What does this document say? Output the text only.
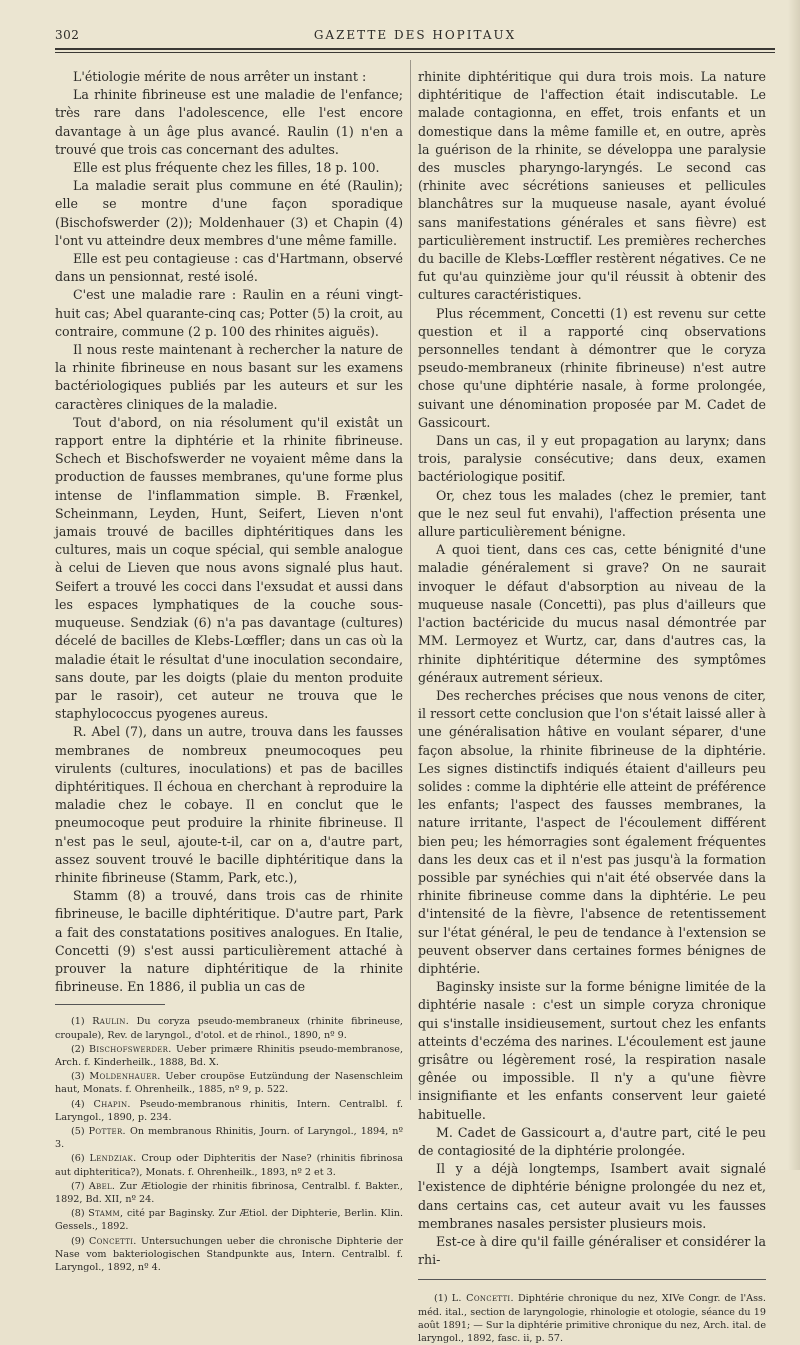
302	GAZETTE DES HOPITAUX

L'étiologie mérite de nous arrêter un instant :

La rhinite fibrineuse est une maladie de l'enfance; très rare dans l'adolescence, elle l'est encore davantage à un âge plus avancé. Raulin (1) n'en a trouvé que trois cas concernant des adultes.

Elle est plus fréquente chez les filles, 18 p. 100.

La maladie serait plus commune en été (Raulin); elle se montre d'une façon sporadique (Bischofswerder (2)); Moldenhauer (3) et Chapin (4) l'ont vu atteindre deux membres d'une même famille.

Elle est peu contagieuse : cas d'Hartmann, observé dans un pensionnat, resté isolé.

C'est une maladie rare : Raulin en a réuni vingt-huit cas; Abel quarante-cinq cas; Potter (5) la croit, au contraire, commune (2 p. 100 des rhinites aiguës).

Il nous reste maintenant à rechercher la nature de la rhinite fibrineuse en nous basant sur les examens bactériologiques publiés par les auteurs et sur les caractères cliniques de la maladie.

Tout d'abord, on nia résolument qu'il existât un rapport entre la diphtérie et la rhinite fibrineuse. Schech et Bischofswerder ne voyaient même dans la production de fausses membranes, qu'une forme plus intense de l'inflammation simple. B. Frænkel, Scheinmann, Leyden, Hunt, Seifert, Lieven n'ont jamais trouvé de bacilles diphtéritiques dans les cultures, mais un coque spécial, qui semble analogue à celui de Lieven que nous avons signalé plus haut. Seifert a trouvé les cocci dans l'exsudat et aussi dans les espaces lymphatiques de la couche sous-muqueuse. Sendziak (6) n'a pas davantage (cultures) décelé de bacilles de Klebs-Lœffler; dans un cas où la maladie était le résultat d'une inoculation secondaire, sans doute, par les doigts (plaie du menton produite par le rasoir), cet auteur ne trouva que le staphylococcus pyogenes aureus.

R. Abel (7), dans un autre, trouva dans les fausses membranes de nombreux pneumocoques peu virulents (cultures, inoculations) et pas de bacilles diphtéritiques. Il échoua en cherchant à reproduire la maladie chez le cobaye. Il en conclut que le pneumocoque peut produire la rhinite fibrineuse. Il n'est pas le seul, ajoute-t-il, car on a, d'autre part, assez souvent trouvé le bacille diphtéritique dans la rhinite fibrineuse (Stamm, Park, etc.),

Stamm (8) a trouvé, dans trois cas de rhinite fibrineuse, le bacille diphtéritique. D'autre part, Park a fait des constatations positives analogues. En Italie, Concetti (9) s'est aussi particulièrement attaché à prouver la nature diphtéritique de la rhinite fibrineuse. En 1886, il publia un cas de

(1) Raulin. Du coryza pseudo-membraneux (rhinite fibrineuse, croupale), Rev. de laryngol., d'otol. et de rhinol., 1890, nº 9.

(2) Bischofswerder. Ueber primære Rhinitis pseudo-membranose, Arch. f. Kinderheilk., 1888, Bd. X.

(3) Moldenhauer. Ueber croupöse Eutzündung der Nasenschleim haut, Monats. f. Ohrenheilk., 1885, nº 9, p. 522.

(4) Chapin. Pseudo-membranous rhinitis, Intern. Centralbl. f. Laryngol., 1890, p. 234.

(5) Potter. On membranous Rhinitis, Journ. of Laryngol., 1894, nº 3.

(6) Lendziak. Croup oder Diphteritis der Nase? (rhinitis fibrinosa aut diphteritica?), Monats. f. Ohrenheilk., 1893, nº 2 et 3.

(7) Abel. Zur Ætiologie der rhinitis fibrinosa, Centralbl. f. Bakter., 1892, Bd. XII, nº 24.

(8) Stamm, cité par Baginsky. Zur Ætiol. der Diphterie, Berlin. Klin. Gessels., 1892.

(9) Concetti. Untersuchungen ueber die chronische Diphterie der Nase vom bakteriologischen Standpunkte aus, Intern. Centralbl. f. Laryngol., 1892, nº 4.

rhinite diphtéritique qui dura trois mois. La nature diphtéritique de l'affection était indiscutable. Le malade contagionna, en effet, trois enfants et un domestique dans la même famille et, en outre, après la guérison de la rhinite, se développa une paralysie des muscles pharyngo-laryngés. Le second cas (rhinite avec sécrétions sanieuses et pellicules blanchâtres sur la muqueuse nasale, ayant évolué sans manifestations générales et sans fièvre) est particulièrement instructif. Les premières recherches du bacille de Klebs-Lœffler restèrent négatives. Ce ne fut qu'au quinzième jour qu'il réussit à obtenir des cultures caractéristiques.

Plus récemment, Concetti (1) est revenu sur cette question et il a rapporté cinq observations personnelles tendant à démontrer que le coryza pseudo-membraneux (rhinite fibrineuse) n'est autre chose qu'une diphtérie nasale, à forme prolongée, suivant une dénomination proposée par M. Cadet de Gassicourt.

Dans un cas, il y eut propagation au larynx; dans trois, paralysie consécutive; dans deux, examen bactériologique positif.

Or, chez tous les malades (chez le premier, tant que le nez seul fut envahi), l'affection présenta une allure particulièrement bénigne.

A quoi tient, dans ces cas, cette bénignité d'une maladie généralement si grave? On ne saurait invoquer le défaut d'absorption au niveau de la muqueuse nasale (Concetti), pas plus d'ailleurs que l'action bactéricide du mucus nasal démontrée par MM. Lermoyez et Wurtz, car, dans d'autres cas, la rhinite diphtéritique détermine des symptômes généraux autrement sérieux.

Des recherches précises que nous venons de citer, il ressort cette conclusion que l'on s'était laissé aller à une généralisation hâtive en voulant séparer, d'une façon absolue, la rhinite fibrineuse de la diphtérie. Les signes distinctifs indiqués étaient d'ailleurs peu solides : comme la diphtérie elle atteint de préférence les enfants; l'aspect des fausses membranes, la nature irritante, l'aspect de l'écoulement différent bien peu; les hémorragies sont également fréquentes dans les deux cas et il n'est pas jusqu'à la formation possible par synéchies qui n'ait été observée dans la rhinite fibrineuse comme dans la diphtérie. Le peu d'intensité de la fièvre, l'absence de retentissement sur l'état général, le peu de tendance à l'extension se peuvent observer dans certaines formes bénignes de diphtérie.

Baginsky insiste sur la forme bénigne limitée de la diphtérie nasale : c'est un simple coryza chronique qui s'installe insidieusement, surtout chez les enfants atteints d'eczéma des narines. L'écoulement est jaune grisâtre ou légèrement rosé, la respiration nasale gênée ou impossible. Il n'y a qu'une fièvre insignifiante et les enfants conservent leur gaieté habituelle.

M. Cadet de Gassicourt a, d'autre part, cité le peu de contagiosité de la diphtérie prolongée.

Il y a déjà longtemps, Isambert avait signalé l'existence de diphtérie bénigne prolongée du nez et, dans certains cas, cet auteur avait vu les fausses membranes nasales persister plusieurs mois.

Est-ce à dire qu'il faille généraliser et considérer la rhi-

(1) L. Concetti. Diphtérie chronique du nez, XIVe Congr. de l'Ass. méd. ital., section de laryngologie, rhinologie et otologie, séance du 19 août 1891; — Sur la diphtérie primitive chronique du nez, Arch. ital. de laryngol., 1892, fasc. ii, p. 57.
